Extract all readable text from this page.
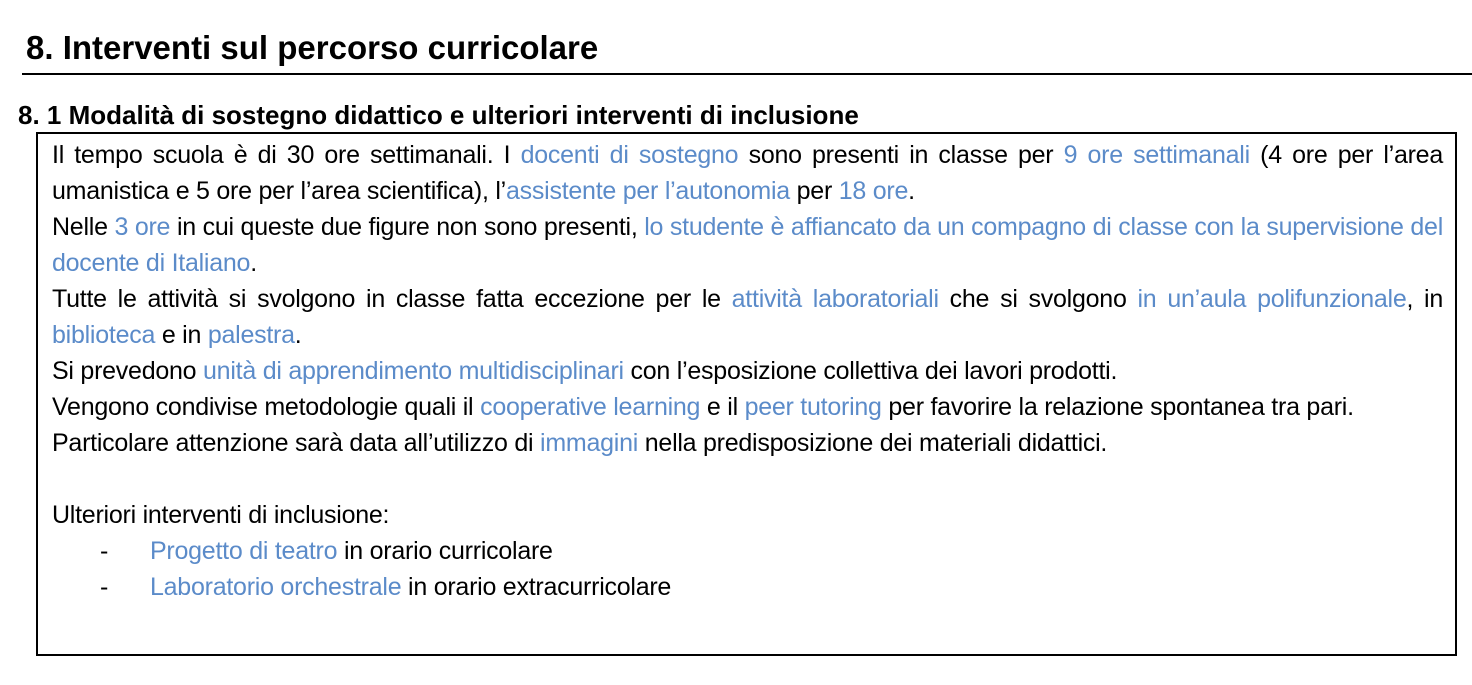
8. Interventi sul percorso curricolare
8. 1 Modalità di sostegno didattico e ulteriori interventi di inclusione

Il tempo scuola è di 30 ore settimanali. I docenti di sostegno sono presenti in classe per 9 ore settimanali (4 ore per l’area umanistica e 5 ore per l’area scientifica), l’assistente per l’autonomia per 18 ore.

Nelle 3 ore in cui queste due figure non sono presenti, lo studente è affiancato da un compagno di classe con la supervisione del docente di Italiano.

Tutte le attività si svolgono in classe fatta eccezione per le attività laboratoriali che si svolgono in un’aula polifunzionale, in biblioteca e in palestra.

Si prevedono unità di apprendimento multidisciplinari con l’esposizione collettiva dei lavori prodotti.

Vengono condivise metodologie quali il cooperative learning e il peer tutoring per favorire la relazione spontanea tra pari.

Particolare attenzione sarà data all’utilizzo di immagini nella predisposizione dei materiali didattici.

Ulteriori interventi di inclusione:

- Progetto di teatro in orario curricolare
- Laboratorio orchestrale in orario extracurricolare
